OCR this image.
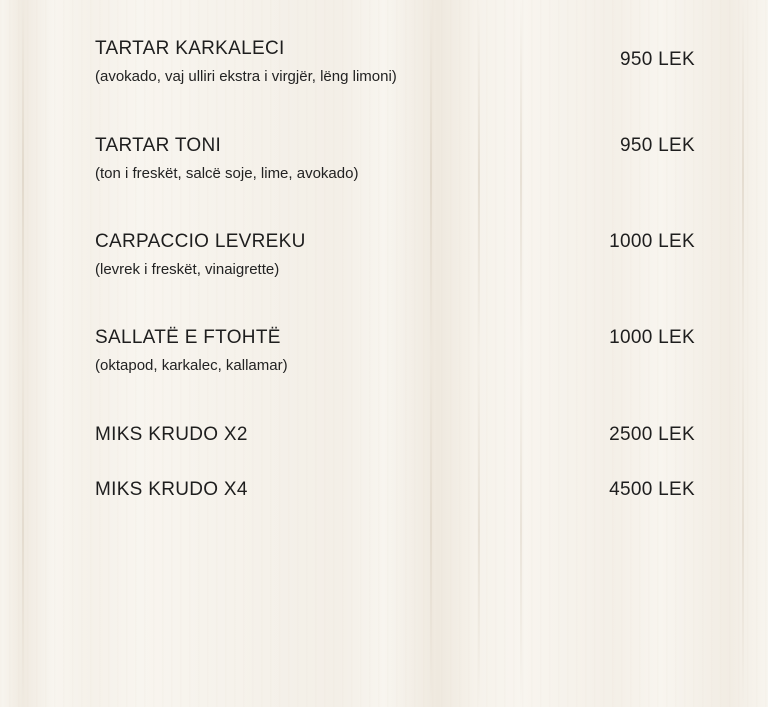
TARTAR KARKALECI
(avokado, vaj ulliri ekstra i virgjër, lëng limoni)
950 LEK
TARTAR TONI
(ton i freskët, salcë soje, lime, avokado)
950 LEK
CARPACCIO LEVREKU
(levrek i freskët, vinaigrette)
1000 LEK
SALLATË E FTOHTË
(oktapod, karkalec, kallamar)
1000 LEK
MIKS KRUDO X2	2500 LEK
MIKS KRUDO X4	4500 LEK
